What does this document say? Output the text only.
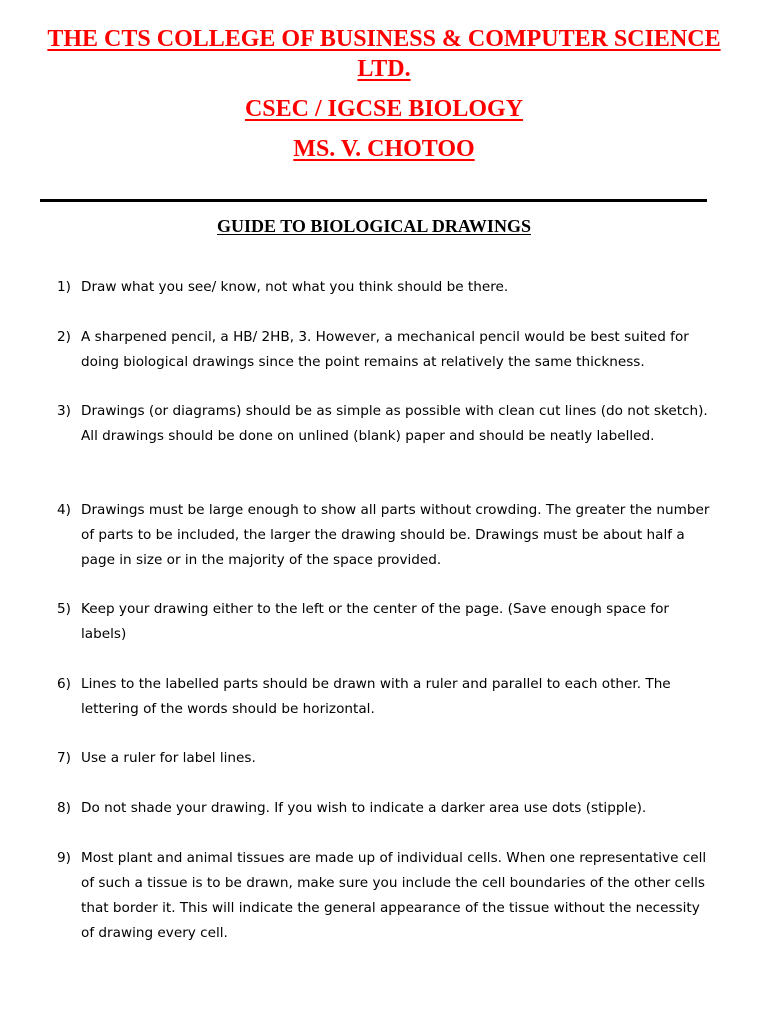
THE CTS COLLEGE OF BUSINESS & COMPUTER SCIENCE LTD.
CSEC / IGCSE BIOLOGY
MS. V. CHOTOO
GUIDE TO BIOLOGICAL DRAWINGS
1) Draw what you see/ know, not what you think should be there.
2) A sharpened pencil, a HB/ 2HB, 3. However, a mechanical pencil would be best suited for doing biological drawings since the point remains at relatively the same thickness.
3) Drawings (or diagrams) should be as simple as possible with clean cut lines (do not sketch). All drawings should be done on unlined (blank) paper and should be neatly labelled.
4) Drawings must be large enough to show all parts without crowding. The greater the number of parts to be included, the larger the drawing should be. Drawings must be about half a page in size or in the majority of the space provided.
5) Keep your drawing either to the left or the center of the page. (Save enough space for labels)
6) Lines to the labelled parts should be drawn with a ruler and parallel to each other. The lettering of the words should be horizontal.
7) Use a ruler for label lines.
8) Do not shade your drawing. If you wish to indicate a darker area use dots (stipple).
9) Most plant and animal tissues are made up of individual cells. When one representative cell of such a tissue is to be drawn, make sure you include the cell boundaries of the other cells that border it. This will indicate the general appearance of the tissue without the necessity of drawing every cell.
